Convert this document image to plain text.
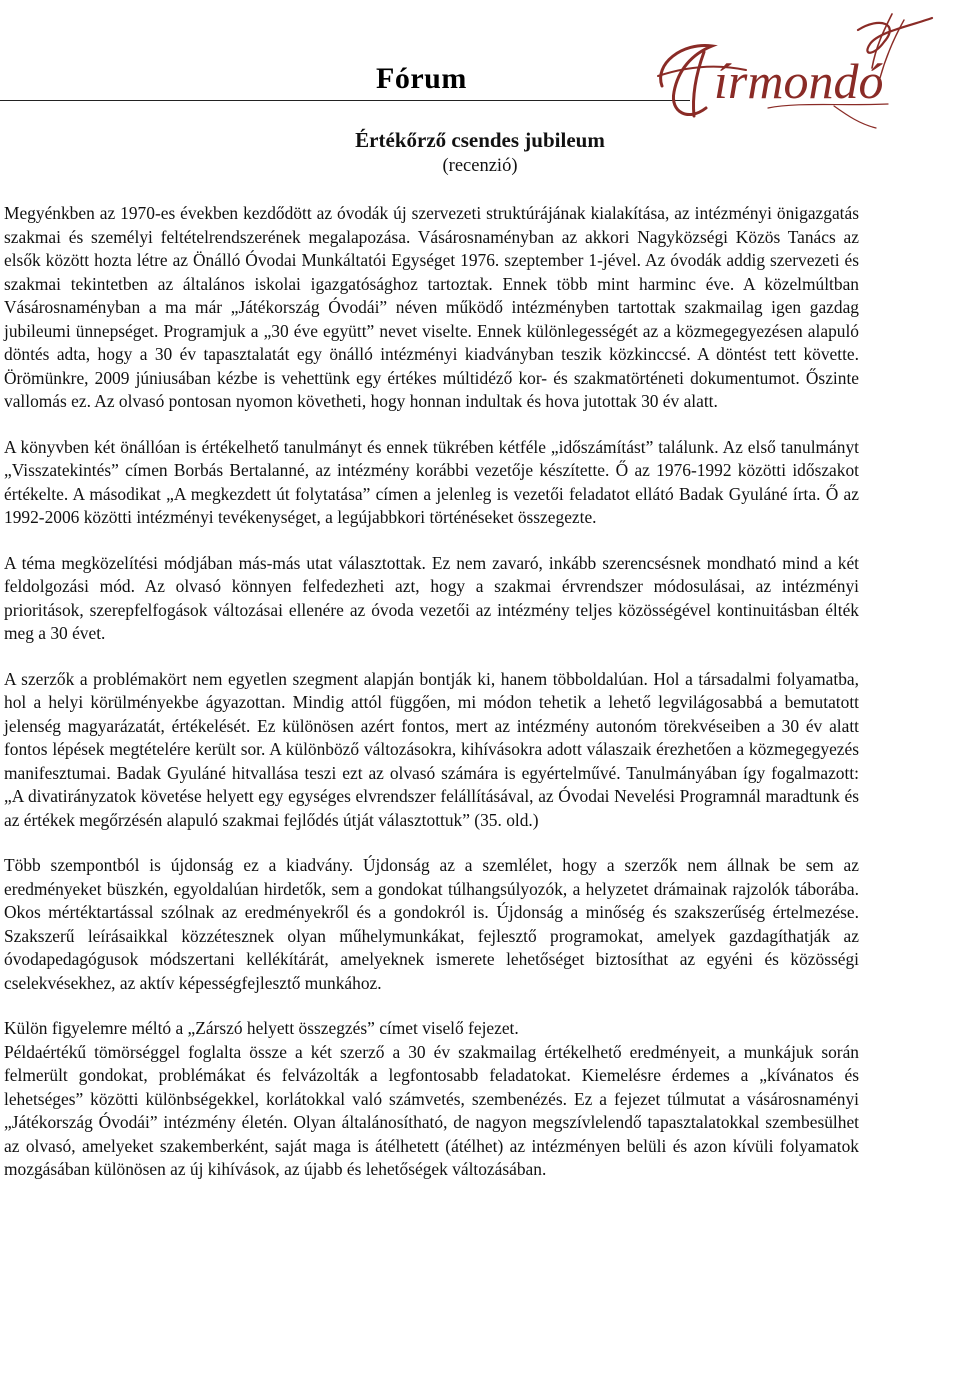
Fórum	írmondó

Értékőrző csendes jubileum

(recenzió)

Megyénkben az 1970-es években kezdődött az óvodák új szervezeti struktúrájának kialakítása, az intézményi önigazgatás szakmai és személyi feltételrendszerének megalapozása. Vásárosnaményban az akkori Nagyközségi Közös Tanács az elsők között hozta létre az Önálló Óvodai Munkáltatói Egységet 1976. szeptember 1-jével. Az óvodák addig szervezeti és szakmai tekintetben az általános iskolai igazgatósághoz tartoztak. Ennek több mint harminc éve. A közelmúltban Vásárosnaményban a ma már „Játékország Óvodái” néven működő intézményben tartottak szakmailag igen gazdag jubileumi ünnepséget. Programjuk a „30 éve együtt” nevet viselte. Ennek különlegességét az a közmegegyezésen alapuló döntés adta, hogy a 30 év tapasztalatát egy önálló intézményi kiadványban teszik közkinccsé. A döntést tett követte. Örömünkre, 2009 júniusában kézbe is vehettünk egy értékes múltidéző kor- és szakmatörténeti dokumentumot. Őszinte vallomás ez. Az olvasó pontosan nyomon követheti, hogy honnan indultak és hova jutottak 30 év alatt.

A könyvben két önállóan is értékelhető tanulmányt és ennek tükrében kétféle „időszámítást” találunk. Az első tanulmányt „Visszatekintés” címen Borbás Bertalanné, az intézmény korábbi vezetője készítette. Ő az 1976-1992 közötti időszakot értékelte. A másodikat „A megkezdett út folytatása” címen a jelenleg is vezetői feladatot ellátó Badak Gyuláné írta. Ő az 1992-2006 közötti intézményi tevékenységet, a legújabbkori történéseket összegezte.

A téma megközelítési módjában más-más utat választottak. Ez nem zavaró, inkább szerencsésnek mondható mind a két feldolgozási mód. Az olvasó könnyen felfedezheti azt, hogy a szakmai érvrendszer módosulásai, az intézményi prioritások, szerepfelfogások változásai ellenére az óvoda vezetői az intézmény teljes közösségével kontinuitásban élték meg a 30 évet.

A szerzők a problémakört nem egyetlen szegment alapján bontják ki, hanem többoldalúan. Hol a társadalmi folyamatba, hol a helyi körülményekbe ágyazottan. Mindig attól függően, mi módon tehetik a lehető legvilágosabbá a bemutatott jelenség magyarázatát, értékelését. Ez különösen azért fontos, mert az intézmény autonóm törekvéseiben a 30 év alatt fontos lépések megtételére került sor. A különböző változásokra, kihívásokra adott válaszaik érezhetően a közmegegyezés manifesztumai. Badak Gyuláné hitvallása teszi ezt az olvasó számára is egyértelművé. Tanulmányában így fogalmazott: „A divatirányzatok követése helyett egy egységes elvrendszer felállításával, az Óvodai Nevelési Programnál maradtunk és az értékek megőrzésén alapuló szakmai fejlődés útját választottuk” (35. old.)

Több szempontból is újdonság ez a kiadvány. Újdonság az a szemlélet, hogy a szerzők nem állnak be sem az eredményeket büszkén, egyoldalúan hirdetők, sem a gondokat túlhangsúlyozók, a helyzetet drámainak rajzolók táborába. Okos mértéktartással szólnak az eredményekről és a gondokról is. Újdonság a minőség és szakszerűség értelmezése. Szakszerű leírásaikkal közzétesznek olyan műhelymunkákat, fejlesztő programokat, amelyek gazdagíthatják az óvodapedagógusok módszertani kellékítárát, amelyeknek ismerete lehetőséget biztosíthat az egyéni és közösségi cselekvésekhez, az aktív képességfejlesztő munkához.

Külön figyelemre méltó a „Zárszó helyett összegzés” címet viselő fejezet.

Példaértékű tömörséggel foglalta össze a két szerző a 30 év szakmailag értékelhető eredményeit, a munkájuk során felmerült gondokat, problémákat és felvázolták a legfontosabb feladatokat. Kiemelésre érdemes a „kívánatos és lehetséges” közötti különbségekkel, korlátokkal való számvetés, szembenézés. Ez a fejezet túlmutat a vásárosnaményi „Játékország Óvodái” intézmény életén. Olyan általánosítható, de nagyon megszívlelendő tapasztalatokkal szembesülhet az olvasó, amelyeket szakemberként, saját maga is átélhetett (átélhet) az intézményen belüli és azon kívüli folyamatok mozgásában különösen az új kihívások, az újabb és lehetőségek változásában.
